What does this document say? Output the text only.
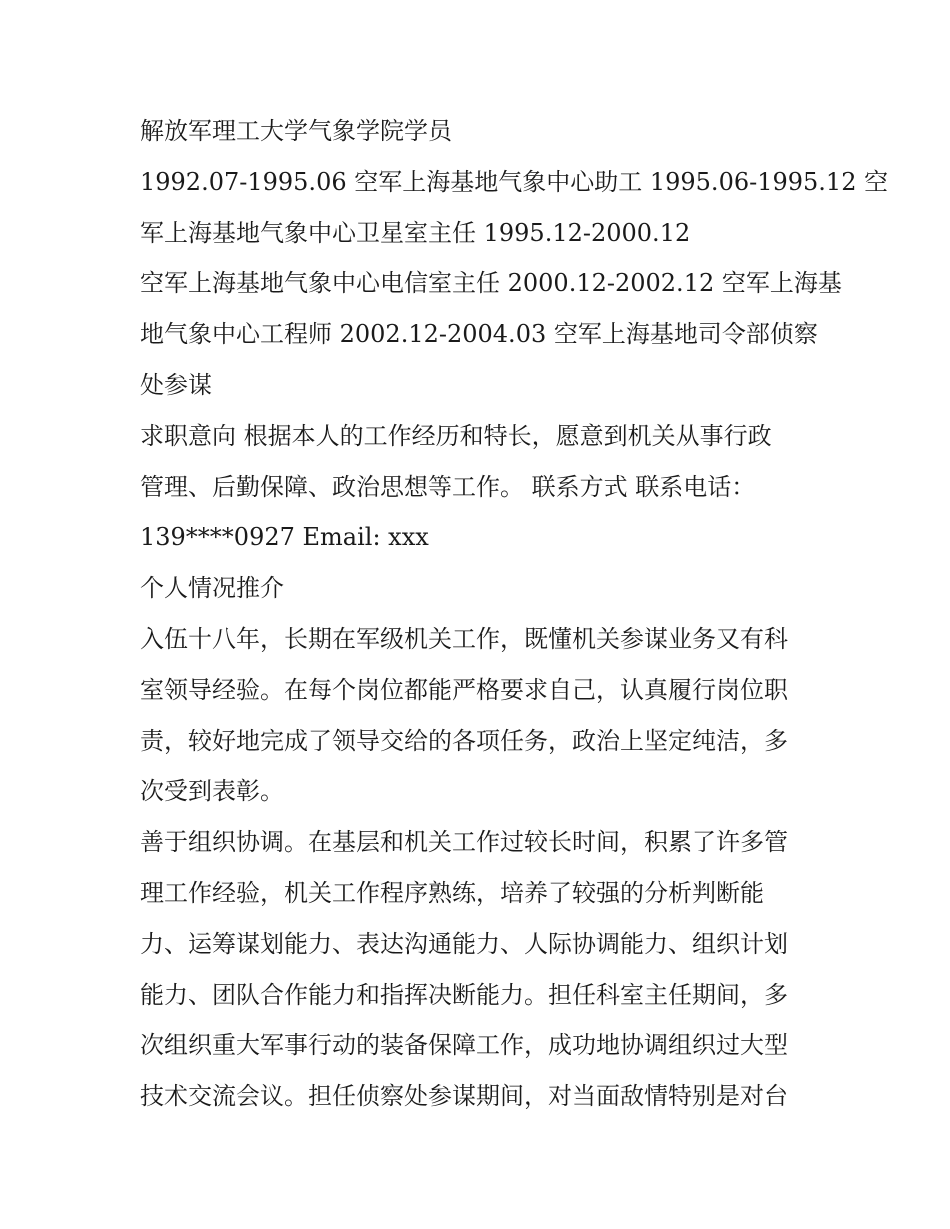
解放军理工大学气象学院学员
1992.07-1995.06 空军上海基地气象中心助工 1995.06-1995.12 空
军上海基地气象中心卫星室主任 1995.12-2000.12
空军上海基地气象中心电信室主任 2000.12-2002.12 空军上海基
地气象中心工程师 2002.12-2004.03 空军上海基地司令部侦察
处参谋
求职意向 根据本人的工作经历和特长，愿意到机关从事行政
管理、后勤保障、政治思想等工作。 联系方式 联系电话：
139****0927 Email: xxx
个人情况推介
入伍十八年，长期在军级机关工作，既懂机关参谋业务又有科
室领导经验。在每个岗位都能严格要求自己，认真履行岗位职
责，较好地完成了领导交给的各项任务，政治上坚定纯洁，多
次受到表彰。
善于组织协调。在基层和机关工作过较长时间，积累了许多管
理工作经验，机关工作程序熟练，培养了较强的分析判断能
力、运筹谋划能力、表达沟通能力、人际协调能力、组织计划
能力、团队合作能力和指挥决断能力。担任科室主任期间，多
次组织重大军事行动的装备保障工作，成功地协调组织过大型
技术交流会议。担任侦察处参谋期间，对当面敌情特别是对台
